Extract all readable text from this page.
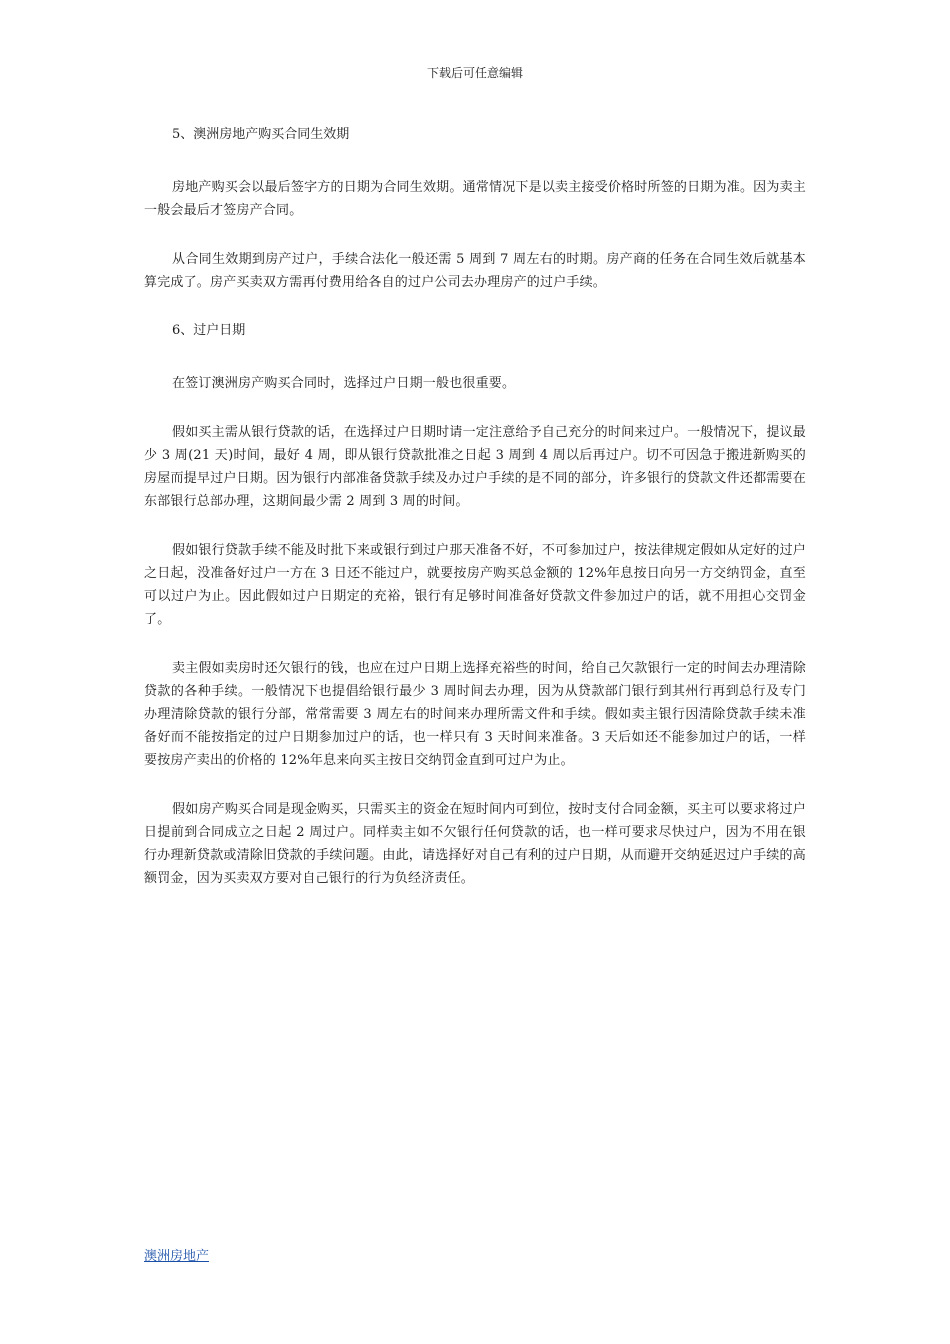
下载后可任意编辑

5、澳洲房地产购买合同生效期

房地产购买会以最后签字方的日期为合同生效期。通常情况下是以卖主接受价格时所签的日期为准。因为卖主一般会最后才签房产合同。

从合同生效期到房产过户，手续合法化一般还需 5 周到 7 周左右的时期。房产商的任务在合同生效后就基本算完成了。房产买卖双方需再付费用给各自的过户公司去办理房产的过户手续。

6、过户日期

在签订澳洲房产购买合同时，选择过户日期一般也很重要。

假如买主需从银行贷款的话，在选择过户日期时请一定注意给予自己充分的时间来过户。一般情况下，提议最少 3 周(21 天)时间，最好 4 周，即从银行贷款批准之日起 3 周到 4 周以后再过户。切不可因急于搬进新购买的房屋而提早过户日期。因为银行内部准备贷款手续及办过户手续的是不同的部分，许多银行的贷款文件还都需要在东部银行总部办理，这期间最少需 2 周到 3 周的时间。

假如银行贷款手续不能及时批下来或银行到过户那天准备不好，不可参加过户，按法律规定假如从定好的过户之日起，没准备好过户一方在 3 日还不能过户，就要按房产购买总金额的 12%年息按日向另一方交纳罚金，直至可以过户为止。因此假如过户日期定的充裕，银行有足够时间准备好贷款文件参加过户的话，就不用担心交罚金了。

卖主假如卖房时还欠银行的钱，也应在过户日期上选择充裕些的时间，给自己欠款银行一定的时间去办理清除贷款的各种手续。一般情况下也提倡给银行最少 3 周时间去办理，因为从贷款部门银行到其州行再到总行及专门办理清除贷款的银行分部，常常需要 3 周左右的时间来办理所需文件和手续。假如卖主银行因清除贷款手续未准备好而不能按指定的过户日期参加过户的话，也一样只有 3 天时间来准备。3 天后如还不能参加过户的话，一样要按房产卖出的价格的 12%年息来向买主按日交纳罚金直到可过户为止。

假如房产购买合同是现金购买，只需买主的资金在短时间内可到位，按时支付合同金额，买主可以要求将过户日提前到合同成立之日起 2 周过户。同样卖主如不欠银行任何贷款的话，也一样可要求尽快过户，因为不用在银行办理新贷款或清除旧贷款的手续问题。由此，请选择好对自己有利的过户日期，从而避开交纳延迟过户手续的高额罚金，因为买卖双方要对自己银行的行为负经济责任。

澳洲房地产
